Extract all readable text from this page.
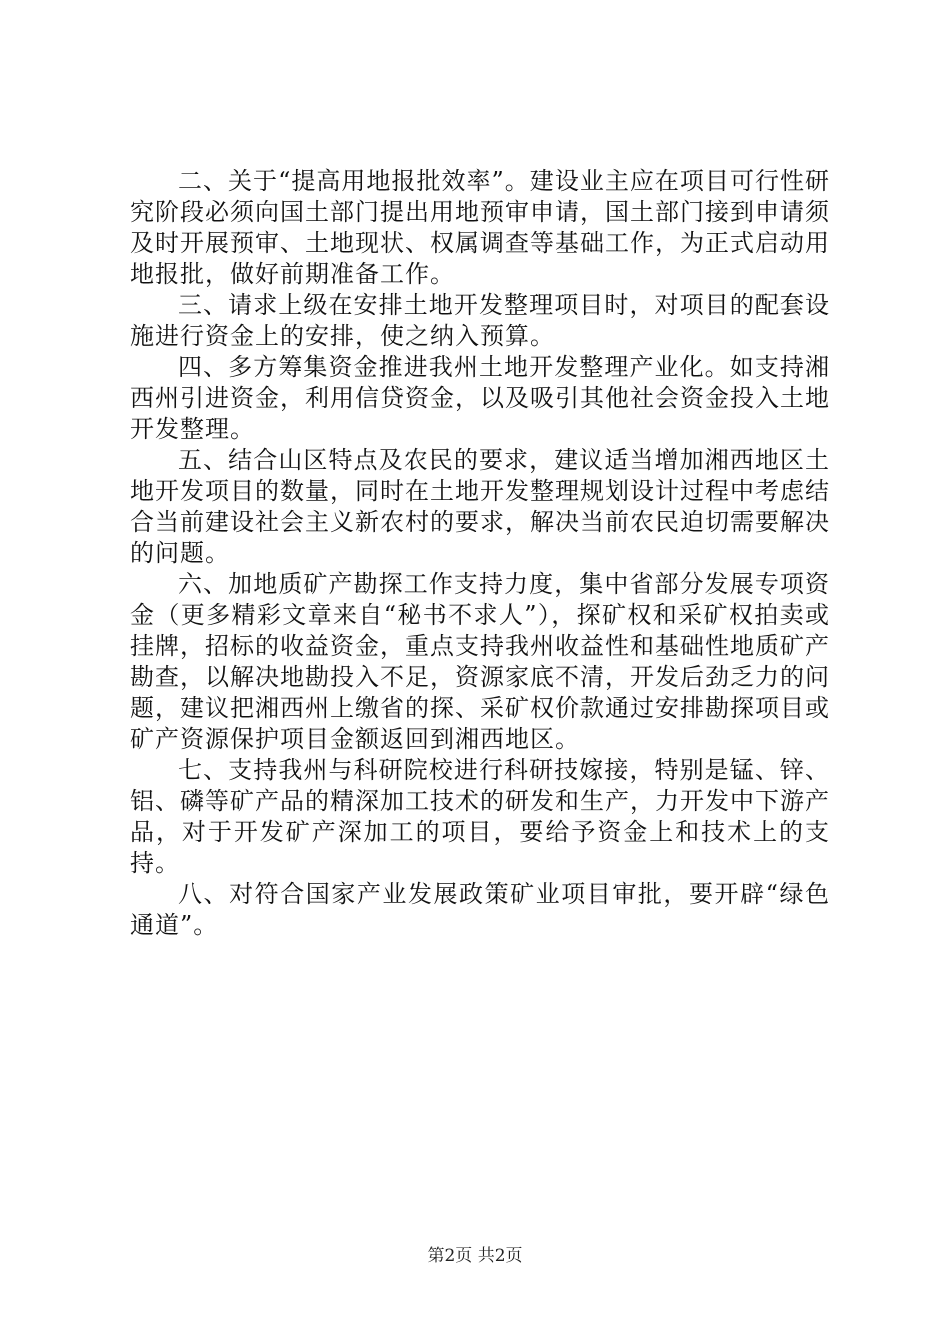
二、关于“提高用地报批效率”。建设业主应在项目可行性研究阶段必须向国土部门提出用地预审申请，国土部门接到申请须及时开展预审、土地现状、权属调查等基础工作，为正式启动用地报批，做好前期准备工作。

三、请求上级在安排土地开发整理项目时，对项目的配套设施进行资金上的安排，使之纳入预算。

四、多方筹集资金推进我州土地开发整理产业化。如支持湘西州引进资金，利用信贷资金，以及吸引其他社会资金投入土地开发整理。

五、结合山区特点及农民的要求，建议适当增加湘西地区土地开发项目的数量，同时在土地开发整理规划设计过程中考虑结合当前建设社会主义新农村的要求，解决当前农民迫切需要解决的问题。

六、加地质矿产勘探工作支持力度，集中省部分发展专项资金（更多精彩文章来自“秘书不求人”），探矿权和采矿权拍卖或挂牌，招标的收益资金，重点支持我州收益性和基础性地质矿产勘查，以解决地勘投入不足，资源家底不清，开发后劲乏力的问题，建议把湘西州上缴省的探、采矿权价款通过安排勘探项目或矿产资源保护项目金额返回到湘西地区。

七、支持我州与科研院校进行科研技嫁接，特别是锰、锌、铝、磷等矿产品的精深加工技术的研发和生产，力开发中下游产品，对于开发矿产深加工的项目，要给予资金上和技术上的支持。

八、对符合国家产业发展政策矿业项目审批，要开辟“绿色通道”。

第2页 共2页
